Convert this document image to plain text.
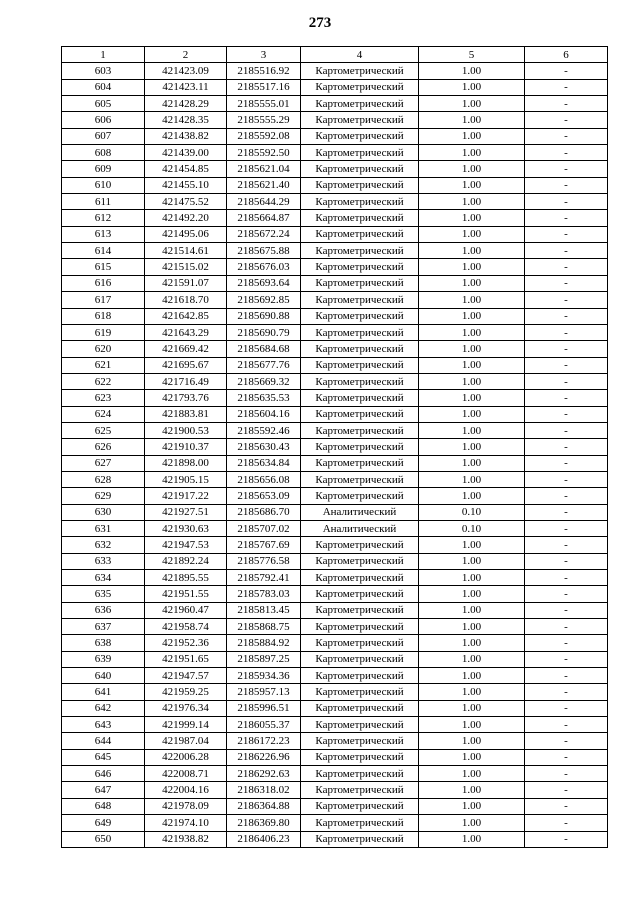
273
1	2	3	4	5	6
603	421423.09	2185516.92	Картометрический	1.00	-
604	421423.11	2185517.16	Картометрический	1.00	-
605	421428.29	2185555.01	Картометрический	1.00	-
606	421428.35	2185555.29	Картометрический	1.00	-
607	421438.82	2185592.08	Картометрический	1.00	-
608	421439.00	2185592.50	Картометрический	1.00	-
609	421454.85	2185621.04	Картометрический	1.00	-
610	421455.10	2185621.40	Картометрический	1.00	-
611	421475.52	2185644.29	Картометрический	1.00	-
612	421492.20	2185664.87	Картометрический	1.00	-
613	421495.06	2185672.24	Картометрический	1.00	-
614	421514.61	2185675.88	Картометрический	1.00	-
615	421515.02	2185676.03	Картометрический	1.00	-
616	421591.07	2185693.64	Картометрический	1.00	-
617	421618.70	2185692.85	Картометрический	1.00	-
618	421642.85	2185690.88	Картометрический	1.00	-
619	421643.29	2185690.79	Картометрический	1.00	-
620	421669.42	2185684.68	Картометрический	1.00	-
621	421695.67	2185677.76	Картометрический	1.00	-
622	421716.49	2185669.32	Картометрический	1.00	-
623	421793.76	2185635.53	Картометрический	1.00	-
624	421883.81	2185604.16	Картометрический	1.00	-
625	421900.53	2185592.46	Картометрический	1.00	-
626	421910.37	2185630.43	Картометрический	1.00	-
627	421898.00	2185634.84	Картометрический	1.00	-
628	421905.15	2185656.08	Картометрический	1.00	-
629	421917.22	2185653.09	Картометрический	1.00	-
630	421927.51	2185686.70	Аналитический	0.10	-
631	421930.63	2185707.02	Аналитический	0.10	-
632	421947.53	2185767.69	Картометрический	1.00	-
633	421892.24	2185776.58	Картометрический	1.00	-
634	421895.55	2185792.41	Картометрический	1.00	-
635	421951.55	2185783.03	Картометрический	1.00	-
636	421960.47	2185813.45	Картометрический	1.00	-
637	421958.74	2185868.75	Картометрический	1.00	-
638	421952.36	2185884.92	Картометрический	1.00	-
639	421951.65	2185897.25	Картометрический	1.00	-
640	421947.57	2185934.36	Картометрический	1.00	-
641	421959.25	2185957.13	Картометрический	1.00	-
642	421976.34	2185996.51	Картометрический	1.00	-
643	421999.14	2186055.37	Картометрический	1.00	-
644	421987.04	2186172.23	Картометрический	1.00	-
645	422006.28	2186226.96	Картометрический	1.00	-
646	422008.71	2186292.63	Картометрический	1.00	-
647	422004.16	2186318.02	Картометрический	1.00	-
648	421978.09	2186364.88	Картометрический	1.00	-
649	421974.10	2186369.80	Картометрический	1.00	-
650	421938.82	2186406.23	Картометрический	1.00	-
